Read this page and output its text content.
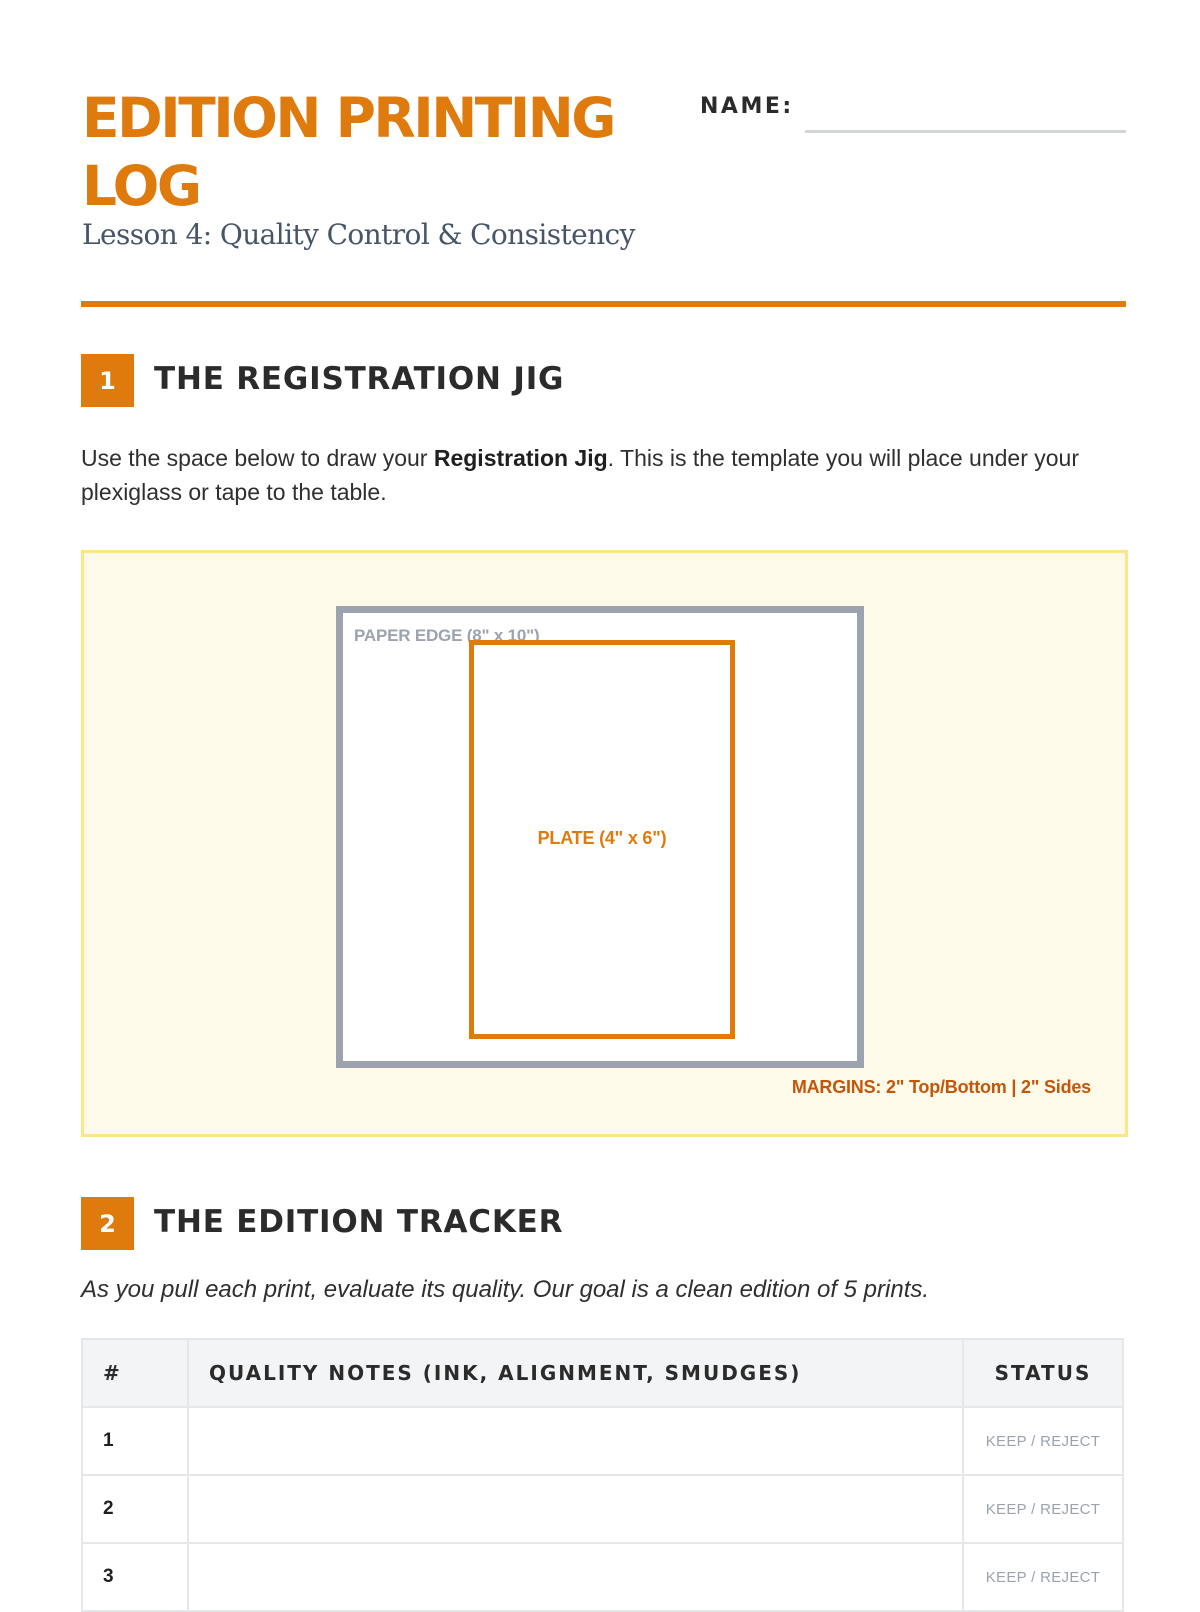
EDITION PRINTING LOG
Lesson 4: Quality Control & Consistency
NAME:
1	THE REGISTRATION JIG
Use the space below to draw your Registration Jig. This is the template you will place under your plexiglass or tape to the table.
PAPER EDGE (8" x 10")
PLATE (4" x 6")
MARGINS: 2" Top/Bottom | 2" Sides
2	THE EDITION TRACKER
As you pull each print, evaluate its quality. Our goal is a clean edition of 5 prints.
#	QUALITY NOTES (INK, ALIGNMENT, SMUDGES)	STATUS
1		KEEP / REJECT
2		KEEP / REJECT
3		KEEP / REJECT
